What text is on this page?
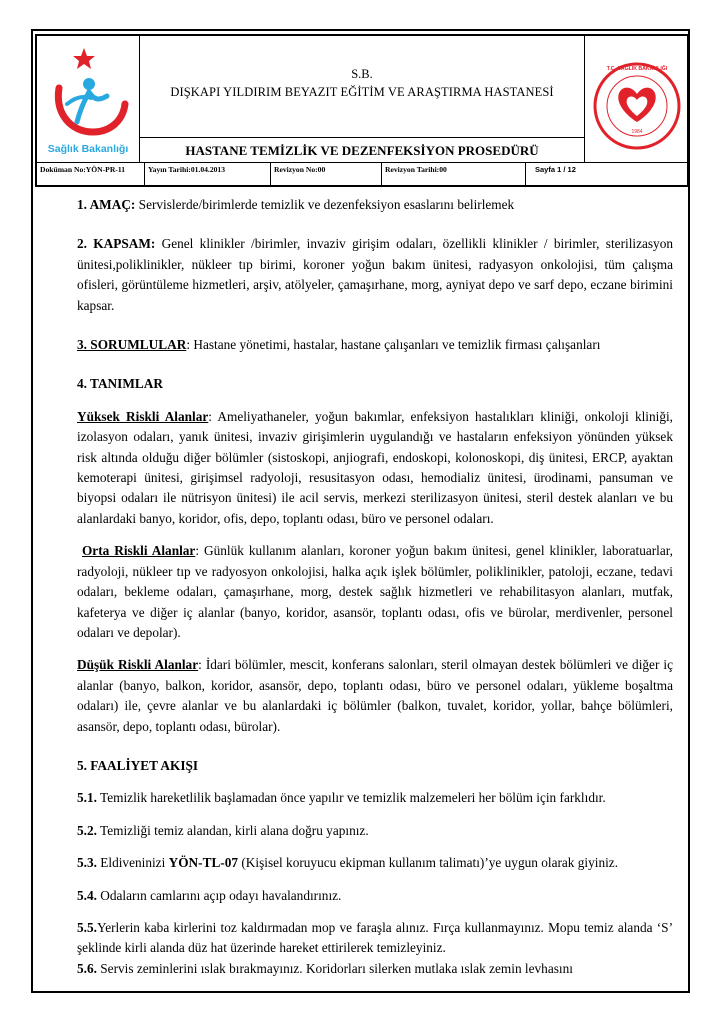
Sağlık Bakanlığı
S.B.
DIŞKAPI YILDIRIM BEYAZIT EĞİTİM VE ARAŞTIRMA HASTANESİ
HASTANE TEMİZLİK VE DEZENFEKSİYON PROSEDÜRÜ
T.C. SAĞLIK BAKANLIĞI
1984
Doküman No:YÖN-PR-11	Yayın Tarihi:01.04.2013	Revizyon No:00	Revizyon Tarihi:00	Sayfa 1 / 12

1. AMAÇ: Servislerde/birimlerde temizlik ve dezenfeksiyon esaslarını belirlemek

2. KAPSAM: Genel klinikler /birimler, invaziv girişim odaları, özellikli klinikler / birimler, sterilizasyon ünitesi,poliklinikler, nükleer tıp birimi, koroner yoğun bakım ünitesi, radyasyon onkolojisi, tüm çalışma ofisleri, görüntüleme hizmetleri, arşiv, atölyeler, çamaşırhane, morg, ayniyat depo ve sarf depo, eczane birimini kapsar.

3. SORUMLULAR: Hastane yönetimi, hastalar, hastane çalışanları ve temizlik firması çalışanları

4. TANIMLAR

Yüksek Riskli Alanlar: Ameliyathaneler, yoğun bakımlar, enfeksiyon hastalıkları kliniği, onkoloji kliniği, izolasyon odaları, yanık ünitesi, invaziv girişimlerin uygulandığı ve hastaların enfeksiyon yönünden yüksek risk altında olduğu diğer bölümler (sistoskopi, anjiografi, endoskopi, kolonoskopi, diş ünitesi, ERCP, ayaktan kemoterapi ünitesi, girişimsel radyoloji, resusitasyon odası, hemodializ ünitesi, ürodinami, pansuman ve biyopsi odaları ile nütrisyon ünitesi) ile acil servis, merkezi sterilizasyon ünitesi, steril destek alanları ve bu alanlardaki banyo, koridor, ofis, depo, toplantı odası, büro ve personel odaları.

Orta Riskli Alanlar: Günlük kullanım alanları, koroner yoğun bakım ünitesi, genel klinikler, laboratuarlar, radyoloji, nükleer tıp ve radyosyon onkolojisi, halka açık işlek bölümler, poliklinikler, patoloji, eczane, tedavi odaları, bekleme odaları, çamaşırhane, morg, destek sağlık hizmetleri ve rehabilitasyon alanları, mutfak, kafeterya ve diğer iç alanlar (banyo, koridor, asansör, toplantı odası, ofis ve bürolar, merdivenler, personel odaları ve depolar).

Düşük Riskli Alanlar: İdari bölümler, mescit, konferans salonları, steril olmayan destek bölümleri ve diğer iç alanlar (banyo, balkon, koridor, asansör, depo, toplantı odası, büro ve personel odaları, yükleme boşaltma odaları) ile, çevre alanlar ve bu alanlardaki iç bölümler (balkon, tuvalet, koridor, yollar, bahçe bölümleri, asansör, depo, toplantı odası, bürolar).

5. FAALİYET AKIŞI

5.1. Temizlik hareketlilik başlamadan önce yapılır ve temizlik malzemeleri her bölüm için farklıdır.

5.2. Temizliği temiz alandan, kirli alana doğru yapınız.

5.3. Eldiveninizi YÖN-TL-07 (Kişisel koruyucu ekipman kullanım talimatı)’ye uygun olarak giyiniz.

5.4. Odaların camlarını açıp odayı havalandırınız.

5.5.Yerlerin kaba kirlerini toz kaldırmadan mop ve faraşla alınız. Fırça kullanmayınız. Mopu temiz alanda ‘S’ şeklinde kirli alanda düz hat üzerinde hareket ettirilerek temizleyiniz.

5.6. Servis zeminlerini ıslak bırakmayınız. Koridorları silerken mutlaka ıslak zemin levhasını
